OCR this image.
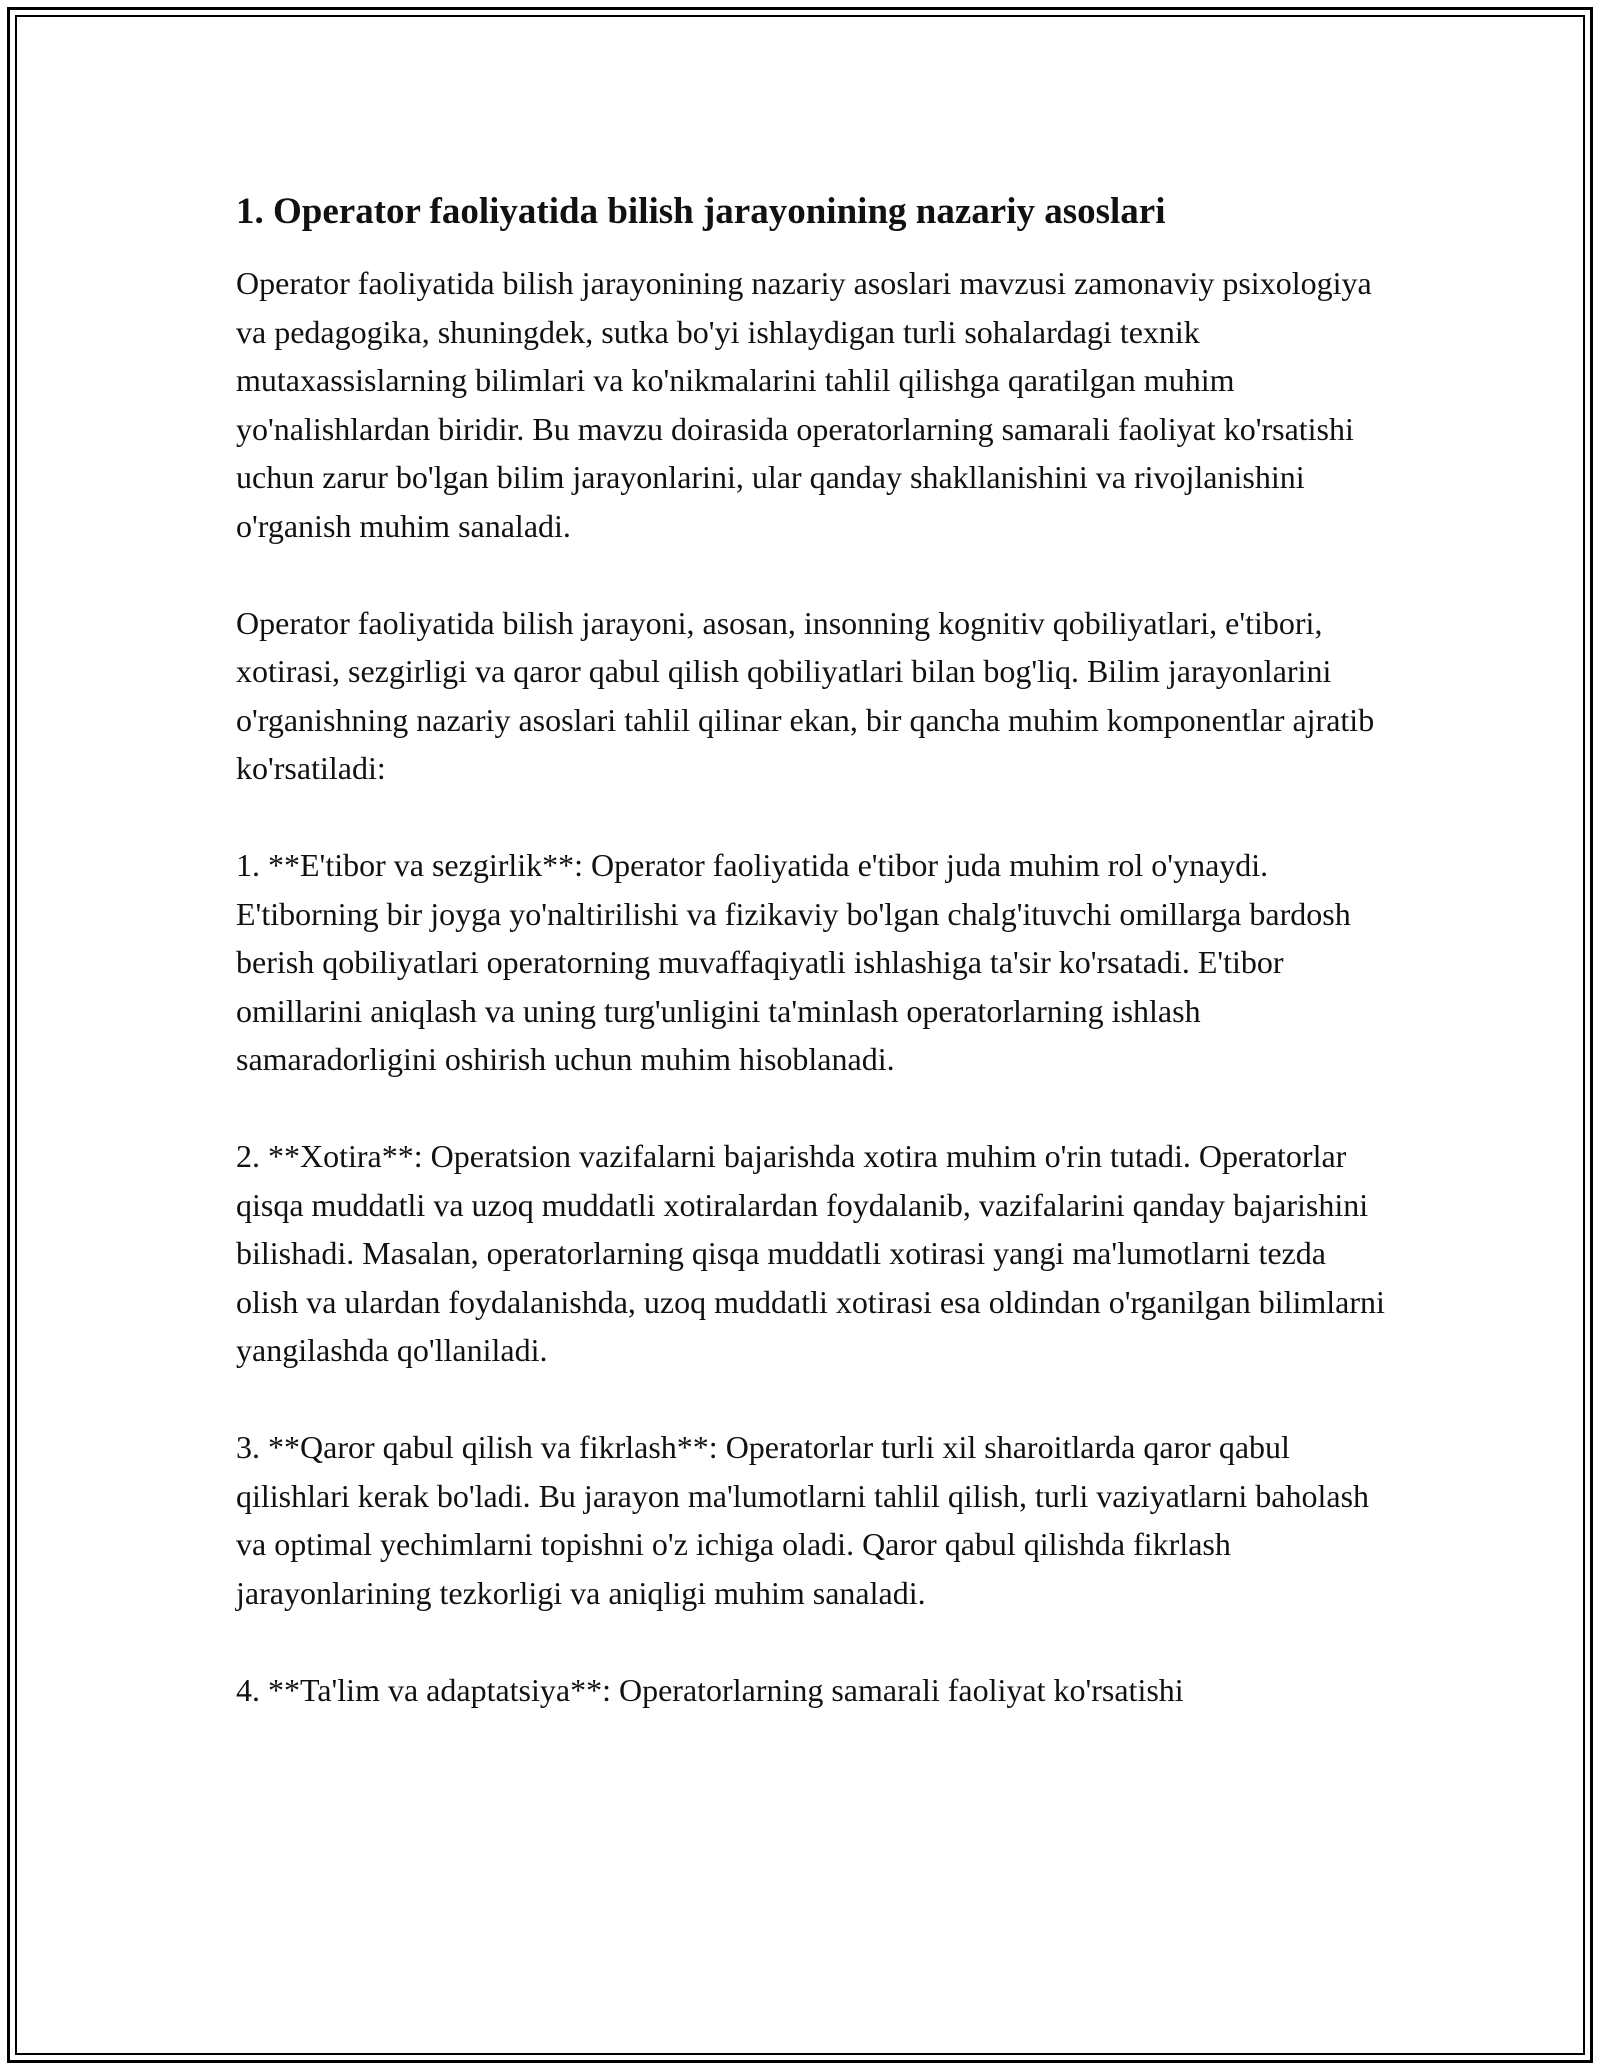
1. Operator faoliyatida bilish jarayonining nazariy asoslari

Operator faoliyatida bilish jarayonining nazariy asoslari mavzusi zamonaviy psixologiya va pedagogika, shuningdek, sutka bo'yi ishlaydigan turli sohalardagi texnik mutaxassislarning bilimlari va ko'nikmalarini tahlil qilishga qaratilgan muhim yo'nalishlardan biridir. Bu mavzu doirasida operatorlarning samarali faoliyat ko'rsatishi uchun zarur bo'lgan bilim jarayonlarini, ular qanday shakllanishini va rivojlanishini o'rganish muhim sanaladi.

Operator faoliyatida bilish jarayoni, asosan, insonning kognitiv qobiliyatlari, e'tibori, xotirasi, sezgirligi va qaror qabul qilish qobiliyatlari bilan bog'liq. Bilim jarayonlarini o'rganishning nazariy asoslari tahlil qilinar ekan, bir qancha muhim komponentlar ajratib ko'rsatiladi:

1. **E'tibor va sezgirlik**: Operator faoliyatida e'tibor juda muhim rol o'ynaydi. E'tiborning bir joyga yo'naltirilishi va fizikaviy bo'lgan chalg'ituvchi omillarga bardosh berish qobiliyatlari operatorning muvaffaqiyatli ishlashiga ta'sir ko'rsatadi. E'tibor omillarini aniqlash va uning turg'unligini ta'minlash operatorlarning ishlash samaradorligini oshirish uchun muhim hisoblanadi.

2. **Xotira**: Operatsion vazifalarni bajarishda xotira muhim o'rin tutadi. Operatorlar qisqa muddatli va uzoq muddatli xotiralardan foydalanib, vazifalarini qanday bajarishini bilishadi. Masalan, operatorlarning qisqa muddatli xotirasi yangi ma'lumotlarni tezda olish va ulardan foydalanishda, uzoq muddatli xotirasi esa oldindan o'rganilgan bilimlarni yangilashda qo'llaniladi.

3. **Qaror qabul qilish va fikrlash**: Operatorlar turli xil sharoitlarda qaror qabul qilishlari kerak bo'ladi. Bu jarayon ma'lumotlarni tahlil qilish, turli vaziyatlarni baholash va optimal yechimlarni topishni o'z ichiga oladi. Qaror qabul qilishda fikrlash jarayonlarining tezkorligi va aniqligi muhim sanaladi.

4. **Ta'lim va adaptatsiya**: Operatorlarning samarali faoliyat ko'rsatishi
